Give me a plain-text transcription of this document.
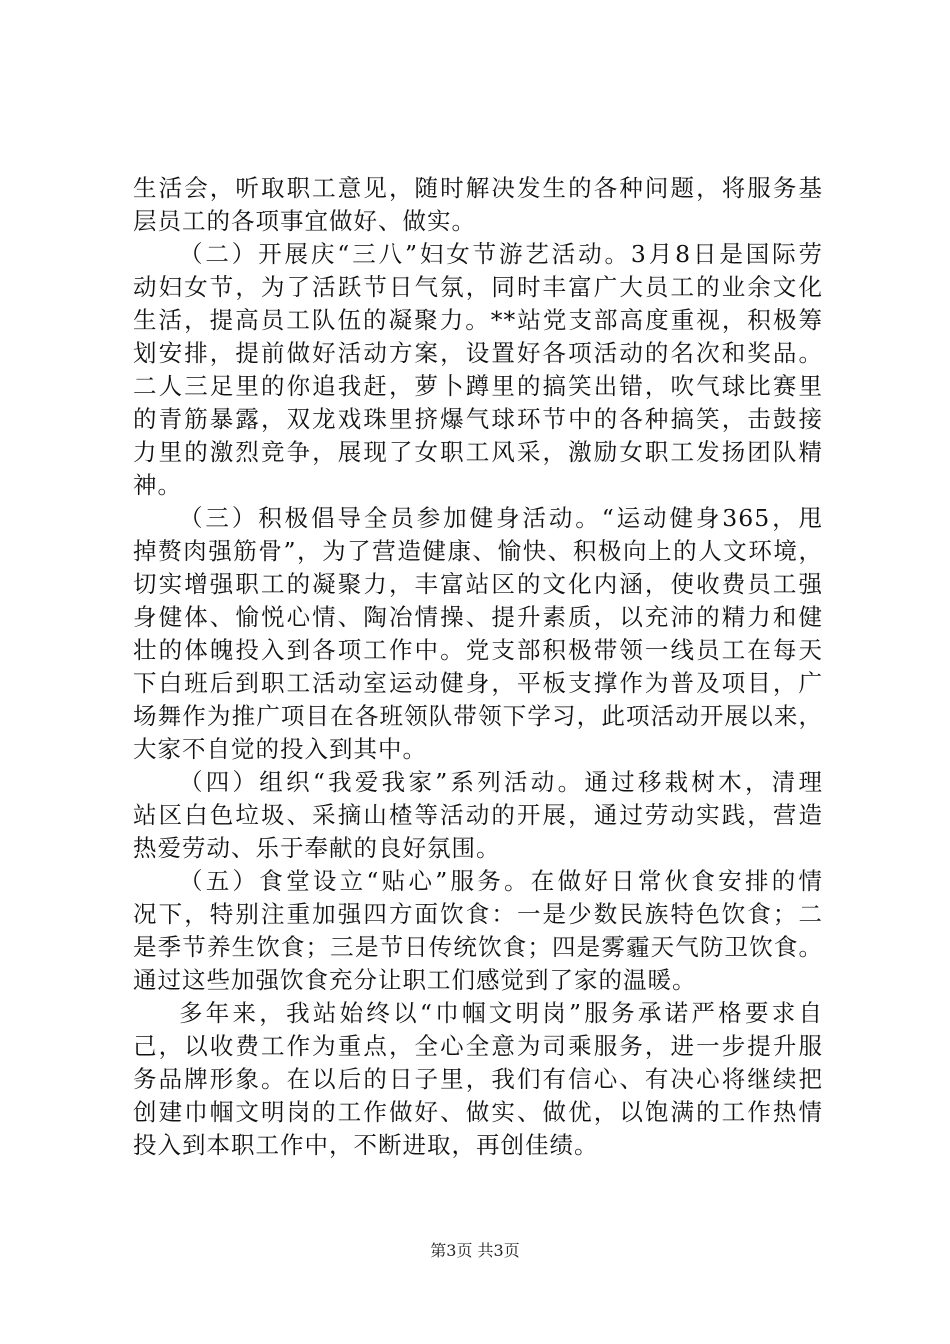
生活会，听取职工意见，随时解决发生的各种问题，将服务基
层员工的各项事宜做好、做实。
（二）开展庆“三八”妇女节游艺活动。3月8日是国际劳
动妇女节，为了活跃节日气氛，同时丰富广大员工的业余文化
生活，提高员工队伍的凝聚力。**站党支部高度重视，积极筹
划安排，提前做好活动方案，设置好各项活动的名次和奖品。
二人三足里的你追我赶，萝卜蹲里的搞笑出错，吹气球比赛里
的青筋暴露，双龙戏珠里挤爆气球环节中的各种搞笑，击鼓接
力里的激烈竞争，展现了女职工风采，激励女职工发扬团队精
神。
（三）积极倡导全员参加健身活动。“运动健身365，甩
掉赘肉强筋骨”，为了营造健康、愉快、积极向上的人文环境，
切实增强职工的凝聚力，丰富站区的文化内涵，使收费员工强
身健体、愉悦心情、陶冶情操、提升素质，以充沛的精力和健
壮的体魄投入到各项工作中。党支部积极带领一线员工在每天
下白班后到职工活动室运动健身，平板支撑作为普及项目，广
场舞作为推广项目在各班领队带领下学习，此项活动开展以来，
大家不自觉的投入到其中。
（四）组织“我爱我家”系列活动。通过移栽树木，清理
站区白色垃圾、采摘山楂等活动的开展，通过劳动实践，营造
热爱劳动、乐于奉献的良好氛围。
（五）食堂设立“贴心”服务。在做好日常伙食安排的情
况下，特别注重加强四方面饮食：一是少数民族特色饮食；二
是季节养生饮食；三是节日传统饮食；四是雾霾天气防卫饮食。
通过这些加强饮食充分让职工们感觉到了家的温暖。
多年来，我站始终以“巾帼文明岗”服务承诺严格要求自
己，以收费工作为重点，全心全意为司乘服务，进一步提升服
务品牌形象。在以后的日子里，我们有信心、有决心将继续把
创建巾帼文明岗的工作做好、做实、做优，以饱满的工作热情
投入到本职工作中，不断进取，再创佳绩。
第3页 共3页
